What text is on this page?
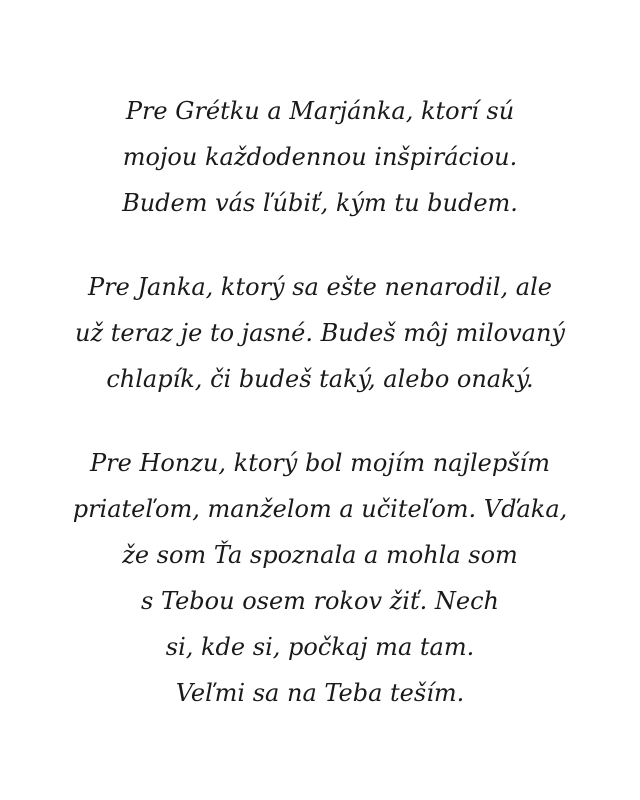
Pre Grétku a Marjánka, ktorí sú
mojou každodennou inšpiráciou.
Budem vás ľúbiť, kým tu budem.

Pre Janka, ktorý sa ešte nenarodil, ale
už teraz je to jasné. Budeš môj milovaný
chlapík, či budeš taký, alebo onaký.

Pre Honzu, ktorý bol mojím najlepším
priateľom, manželom a učiteľom. Vďaka,
že som Ťa spoznala a mohla som
s Tebou osem rokov žiť. Nech
si, kde si, počkaj ma tam.
Veľmi sa na Teba teším.
